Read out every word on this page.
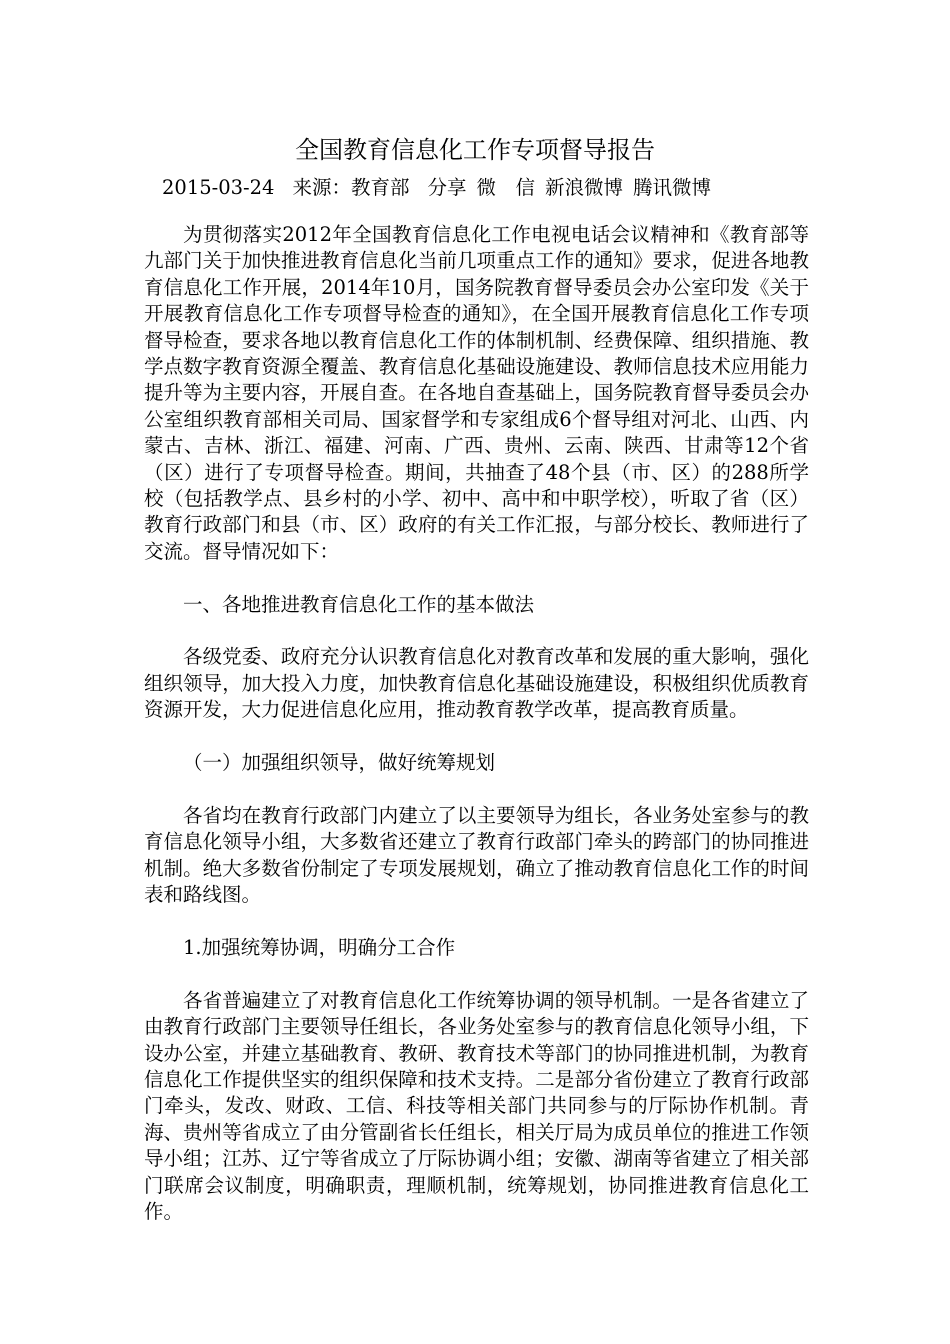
全国教育信息化工作专项督导报告
2015-03-24 来源：教育部 分享 微　信 新浪微博 腾讯微博

为贯彻落实2012年全国教育信息化工作电视电话会议精神和《教育部等九部门关于加快推进教育信息化当前几项重点工作的通知》要求，促进各地教育信息化工作开展，2014年10月，国务院教育督导委员会办公室印发《关于开展教育信息化工作专项督导检查的通知》，在全国开展教育信息化工作专项督导检查，要求各地以教育信息化工作的体制机制、经费保障、组织措施、教学点数字教育资源全覆盖、教育信息化基础设施建设、教师信息技术应用能力提升等为主要内容，开展自查。在各地自查基础上，国务院教育督导委员会办公室组织教育部相关司局、国家督学和专家组成6个督导组对河北、山西、内蒙古、吉林、浙江、福建、河南、广西、贵州、云南、陕西、甘肃等12个省（区）进行了专项督导检查。期间，共抽查了48个县（市、区）的288所学校（包括教学点、县乡村的小学、初中、高中和中职学校），听取了省（区）教育行政部门和县（市、区）政府的有关工作汇报，与部分校长、教师进行了交流。督导情况如下：

一、各地推进教育信息化工作的基本做法

各级党委、政府充分认识教育信息化对教育改革和发展的重大影响，强化组织领导，加大投入力度，加快教育信息化基础设施建设，积极组织优质教育资源开发，大力促进信息化应用，推动教育教学改革，提高教育质量。

（一）加强组织领导，做好统筹规划

各省均在教育行政部门内建立了以主要领导为组长，各业务处室参与的教育信息化领导小组，大多数省还建立了教育行政部门牵头的跨部门的协同推进机制。绝大多数省份制定了专项发展规划，确立了推动教育信息化工作的时间表和路线图。

1.加强统筹协调，明确分工合作

各省普遍建立了对教育信息化工作统筹协调的领导机制。一是各省建立了由教育行政部门主要领导任组长，各业务处室参与的教育信息化领导小组，下设办公室，并建立基础教育、教研、教育技术等部门的协同推进机制，为教育信息化工作提供坚实的组织保障和技术支持。二是部分省份建立了教育行政部门牵头，发改、财政、工信、科技等相关部门共同参与的厅际协作机制。青海、贵州等省成立了由分管副省长任组长，相关厅局为成员单位的推进工作领导小组；江苏、辽宁等省成立了厅际协调小组；安徽、湖南等省建立了相关部门联席会议制度，明确职责，理顺机制，统筹规划，协同推进教育信息化工作。
